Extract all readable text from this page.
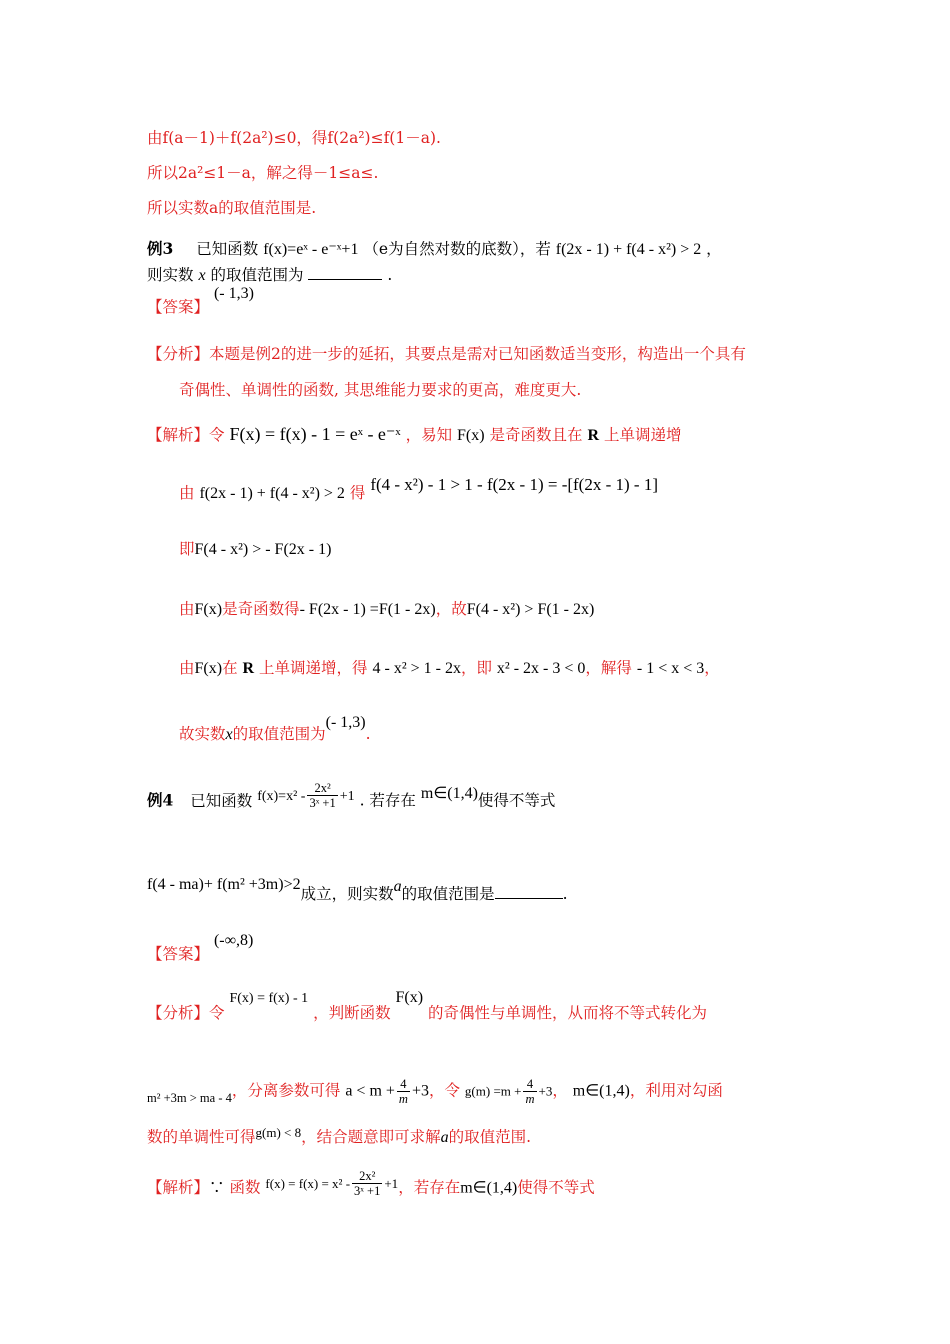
由f(a－1)＋f(2a²)≤0，得f(2a²)≤f(1－a).
所以2a²≤1－a，解之得－1≤a≤.
所以实数a的取值范围是.
例3 已知函数 f(x)=eˣ - e⁻ˣ+1 （e为自然对数的底数），若 f(2x - 1) + f(4 - x²) > 2 ，
则实数 x 的取值范围为	.
【答案】 (- 1,3)
【分析】本题是例2的进一步的延拓，其要点是需对已知函数适当变形，构造出一个具有
奇偶性、单调性的函数, 其思维能力要求的更高，难度更大.
【解析】令 F(x) = f(x) - 1 = eˣ - e⁻ˣ ，易知 F(x) 是奇函数且在 R 上单调递增
由 f(2x - 1) + f(4 - x²) > 2 得 f(4 - x²) - 1 > 1 - f(2x - 1) = -[f(2x - 1) - 1]
即F(4 - x²) > - F(2x - 1)
由F(x)是奇函数得- F(2x - 1) =F(1 - 2x)，故F(4 - x²) > F(1 - 2x)
由F(x)在 R 上单调递增，得 4 - x² > 1 - 2x，即 x² - 2x - 3 < 0，解得 - 1 < x < 3，
故实数x的取值范围为(- 1,3).
例4 已知函数 $f(x)=x^2 - \frac{\text{2x²}}{\text{3ˣ +1}} +1$ . 若存在 m∈(1,4)使得不等式
f(4 - ma)+ f(m² +3m)>2成立，则实数a的取值范围是	.
【答案】 (-∞,8)
【分析】令 F(x) = f(x) - 1 ，判断函数 F(x) 的奇偶性与单调性，从而将不等式转化为
$_{m^2 +3m > ma - 4}$，分离参数可得 $a < m + \frac{4}{m} +3$，令 $g(m) =m + \frac{4}{m} +3$， m∈(1,4)，利用对勾函
数的单调性可得$^{g(m) < 8}$，结合题意即可求解a的取值范围.
【解析】∵ 函数 $^{f(x) = f(x) = x^2 -} \frac{\text{2x²}}{\text{3ˣ +1}} ^{+1}$，若存在m∈(1,4)使得不等式
